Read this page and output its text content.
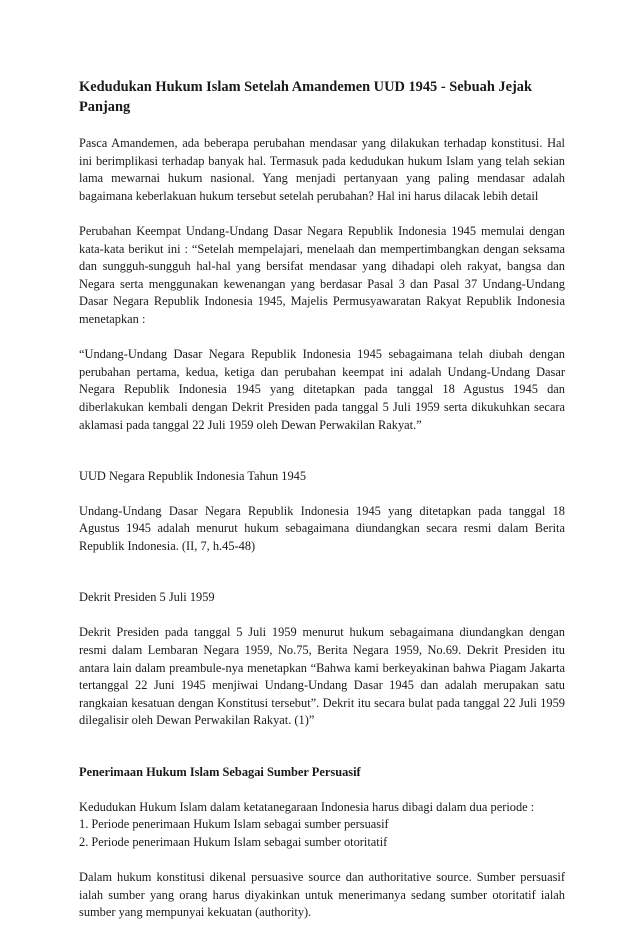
Kedudukan Hukum Islam Setelah Amandemen UUD 1945 - Sebuah Jejak Panjang

Pasca Amandemen, ada beberapa perubahan mendasar yang dilakukan terhadap konstitusi. Hal ini berimplikasi terhadap banyak hal. Termasuk pada kedudukan hukum Islam yang telah sekian lama mewarnai hukum nasional. Yang menjadi pertanyaan yang paling mendasar adalah bagaimana keberlakuan hukum tersebut setelah perubahan? Hal ini harus dilacak lebih detail

Perubahan Keempat Undang-Undang Dasar Negara Republik Indonesia 1945 memulai dengan kata-kata berikut ini : “Setelah mempelajari, menelaah dan mempertimbangkan dengan seksama dan sungguh-sungguh hal-hal yang bersifat mendasar yang dihadapi oleh rakyat, bangsa dan Negara serta menggunakan kewenangan yang berdasar Pasal 3 dan Pasal 37 Undang-Undang Dasar Negara Republik Indonesia 1945, Majelis Permusyawaratan Rakyat Republik Indonesia menetapkan :

“Undang-Undang Dasar Negara Republik Indonesia 1945 sebagaimana telah diubah dengan perubahan pertama, kedua, ketiga dan perubahan keempat ini adalah Undang-Undang Dasar Negara Republik Indonesia 1945 yang ditetapkan pada tanggal 18 Agustus 1945 dan diberlakukan kembali dengan Dekrit Presiden pada tanggal 5 Juli 1959 serta dikukuhkan secara aklamasi pada tanggal 22 Juli 1959 oleh Dewan Perwakilan Rakyat.”

UUD Negara Republik Indonesia Tahun 1945

Undang-Undang Dasar Negara Republik Indonesia 1945 yang ditetapkan pada tanggal 18 Agustus 1945 adalah menurut hukum sebagaimana diundangkan secara resmi dalam Berita Republik Indonesia. (II, 7, h.45-48)

Dekrit Presiden 5 Juli 1959

Dekrit Presiden pada tanggal 5 Juli 1959 menurut hukum sebagaimana diundangkan dengan resmi dalam Lembaran Negara 1959, No.75, Berita Negara 1959, No.69. Dekrit Presiden itu antara lain dalam preambule-nya menetapkan “Bahwa kami berkeyakinan bahwa Piagam Jakarta tertanggal 22 Juni 1945 menjiwai Undang-Undang Dasar 1945 dan adalah merupakan satu rangkaian kesatuan dengan Konstitusi tersebut”. Dekrit itu secara bulat pada tanggal 22 Juli 1959 dilegalisir oleh Dewan Perwakilan Rakyat. (1)”

Penerimaan Hukum Islam Sebagai Sumber Persuasif

Kedudukan Hukum Islam dalam ketatanegaraan Indonesia harus dibagi dalam dua periode :
1. Periode penerimaan Hukum Islam sebagai sumber persuasif
2. Periode penerimaan Hukum Islam sebagai sumber otoritatif

Dalam hukum konstitusi dikenal persuasive source dan authoritative source. Sumber persuasif ialah sumber yang orang harus diyakinkan untuk menerimanya sedang sumber otoritatif ialah sumber yang mempunyai kekuatan (authority).
